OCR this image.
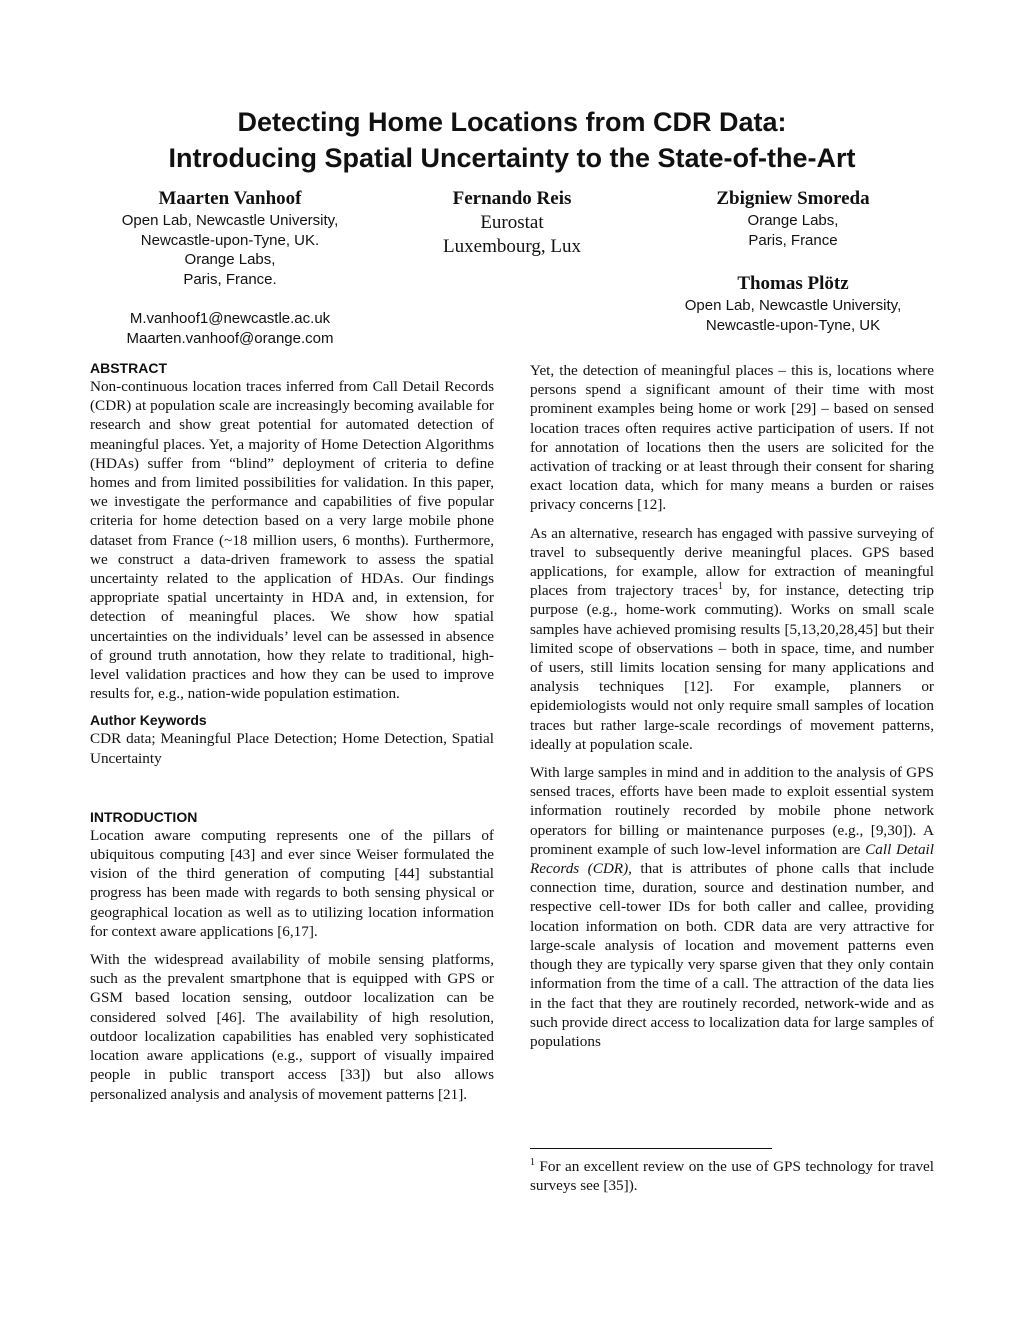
Detecting Home Locations from CDR Data:
Introducing Spatial Uncertainty to the State-of-the-Art
Maarten Vanhoof
Open Lab, Newcastle University,
Newcastle-upon-Tyne, UK.
Orange Labs,
Paris, France.
M.vanhoof1@newcastle.ac.uk
Maarten.vanhoof@orange.com
Fernando Reis
Eurostat
Luxembourg, Lux
Zbigniew Smoreda
Orange Labs,
Paris, France
Thomas Plötz
Open Lab, Newcastle University,
Newcastle-upon-Tyne, UK
ABSTRACT

Non-continuous location traces inferred from Call Detail Records (CDR) at population scale are increasingly becoming available for research and show great potential for automated detection of meaningful places. Yet, a majority of Home Detection Algorithms (HDAs) suffer from “blind” deployment of criteria to define homes and from limited possibilities for validation. In this paper, we investigate the performance and capabilities of five popular criteria for home detection based on a very large mobile phone dataset from France (~18 million users, 6 months). Furthermore, we construct a data-driven framework to assess the spatial uncertainty related to the application of HDAs. Our findings appropriate spatial uncertainty in HDA and, in extension, for detection of meaningful places. We show how spatial uncertainties on the individuals’ level can be assessed in absence of ground truth annotation, how they relate to traditional, high-level validation practices and how they can be used to improve results for, e.g., nation-wide population estimation.

Author Keywords

CDR data; Meaningful Place Detection; Home Detection, Spatial Uncertainty

INTRODUCTION

Location aware computing represents one of the pillars of ubiquitous computing [43] and ever since Weiser formulated the vision of the third generation of computing [44] substantial progress has been made with regards to both sensing physical or geographical location as well as to utilizing location information for context aware applications [6,17].

With the widespread availability of mobile sensing platforms, such as the prevalent smartphone that is equipped with GPS or GSM based location sensing, outdoor localization can be considered solved [46]. The availability of high resolution, outdoor localization capabilities has enabled very sophisticated location aware applications (e.g., support of visually impaired people in public transport access [33]) but also allows personalized analysis and analysis of movement patterns [21].

Yet, the detection of meaningful places – this is, locations where persons spend a significant amount of their time with most prominent examples being home or work [29] – based on sensed location traces often requires active participation of users. If not for annotation of locations then the users are solicited for the activation of tracking or at least through their consent for sharing exact location data, which for many means a burden or raises privacy concerns [12].

As an alternative, research has engaged with passive surveying of travel to subsequently derive meaningful places. GPS based applications, for example, allow for extraction of meaningful places from trajectory traces$^1$ by, for instance, detecting trip purpose (e.g., home-work commuting). Works on small scale samples have achieved promising results [5,13,20,28,45] but their limited scope of observations – both in space, time, and number of users, still limits location sensing for many applications and analysis techniques [12]. For example, planners or epidemiologists would not only require small samples of location traces but rather large-scale recordings of movement patterns, ideally at population scale.

With large samples in mind and in addition to the analysis of GPS sensed traces, efforts have been made to exploit essential system information routinely recorded by mobile phone network operators for billing or maintenance purposes (e.g., [9,30]). A prominent example of such low-level information are Call Detail Records (CDR), that is attributes of phone calls that include connection time, duration, source and destination number, and respective cell-tower IDs for both caller and callee, providing location information on both. CDR data are very attractive for large-scale analysis of location and movement patterns even though they are typically very sparse given that they only contain information from the time of a call. The attraction of the data lies in the fact that they are routinely recorded, network-wide and as such provide direct access to localization data for large samples of populations

$^1$ For an excellent review on the use of GPS technology for travel surveys see [35]).
